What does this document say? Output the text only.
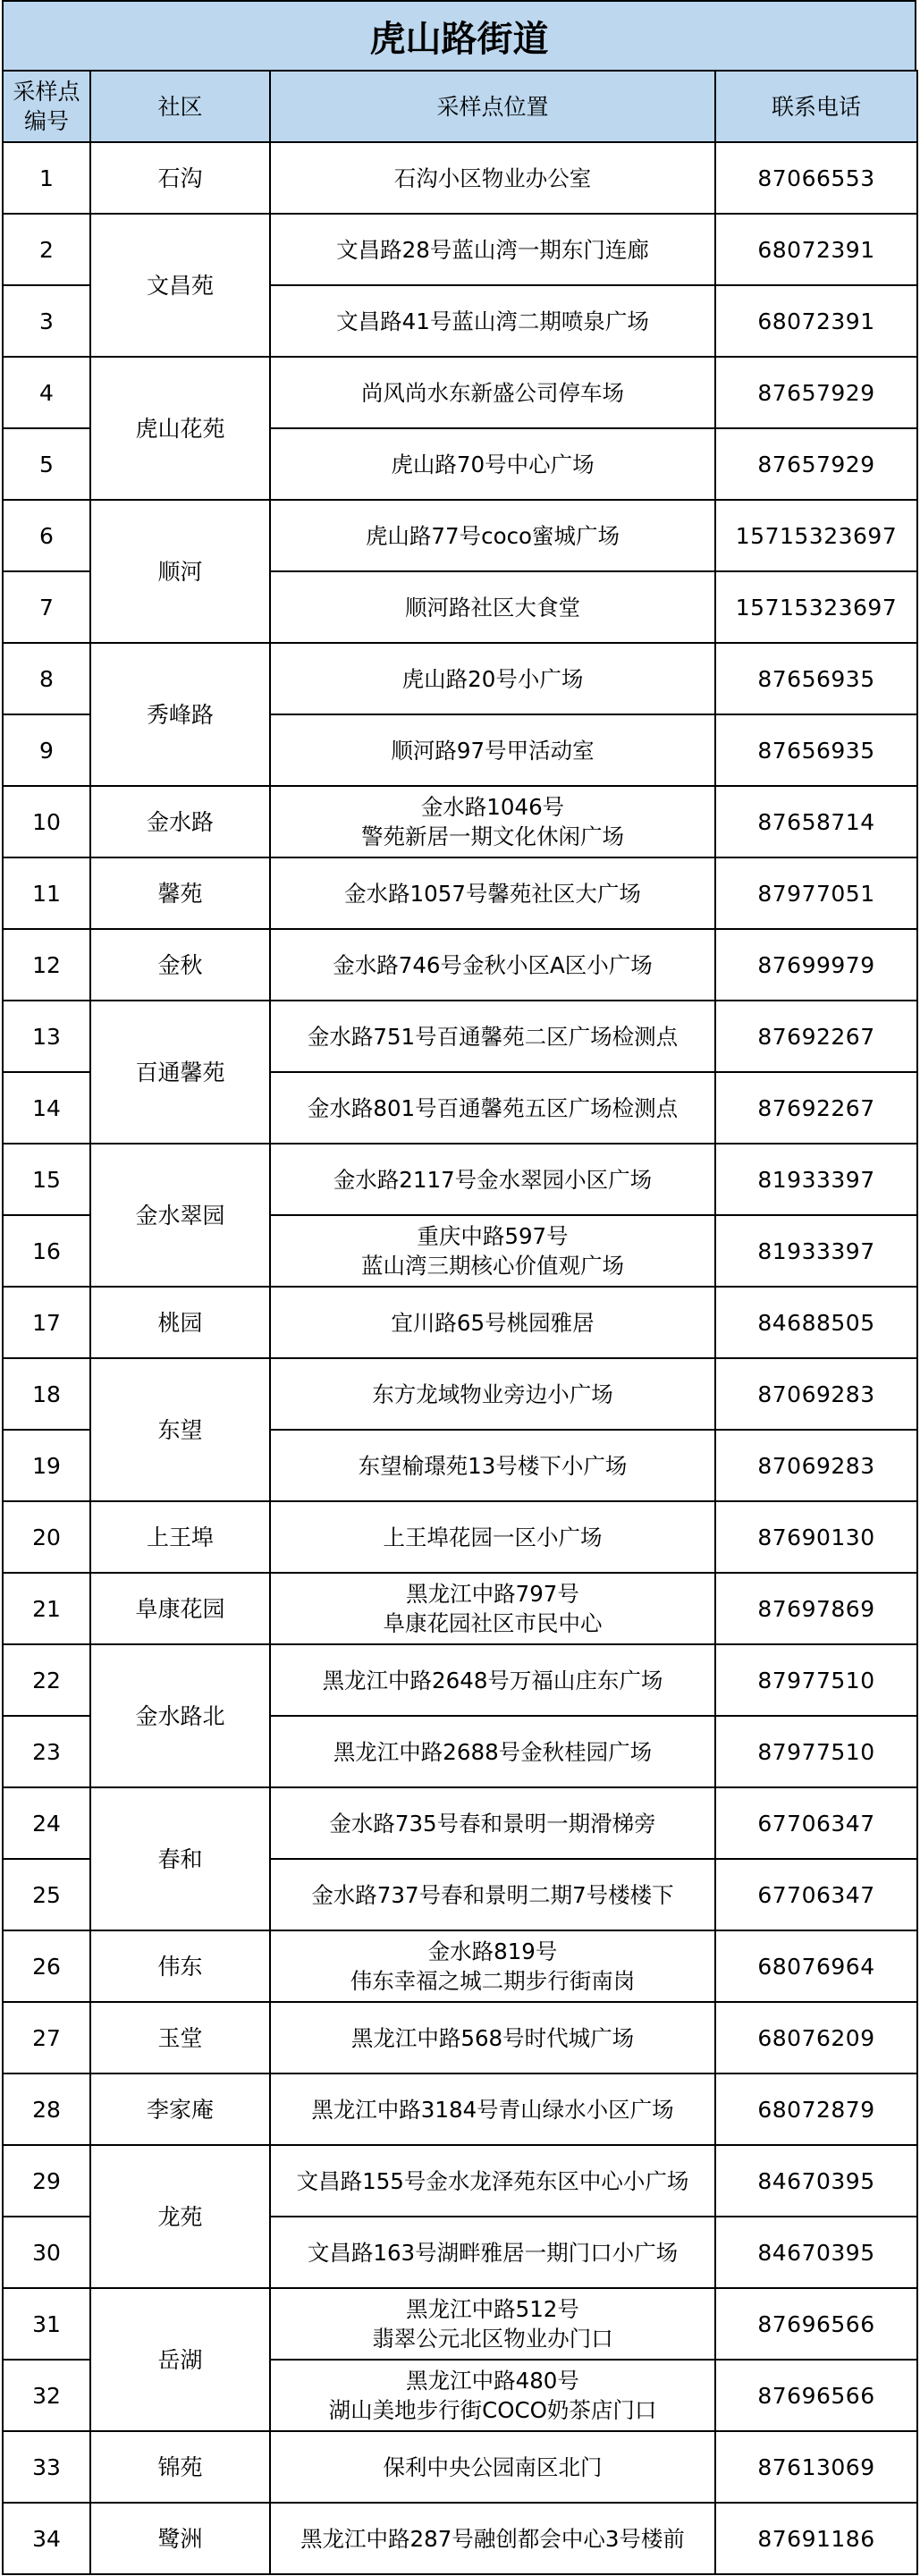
虎山路街道
采样点
编号	社区	采样点位置	联系电话
1	石沟	石沟小区物业办公室	87066553
2	文昌苑	文昌路28号蓝山湾一期东门连廊	68072391
3		文昌路41号蓝山湾二期喷泉广场	68072391
4	虎山花苑	尚风尚水东新盛公司停车场	87657929
5		虎山路70号中心广场	87657929
6	顺河	虎山路77号coco蜜城广场	15715323697
7		顺河路社区大食堂	15715323697
8	秀峰路	虎山路20号小广场	87656935
9		顺河路97号甲活动室	87656935
10	金水路	金水路1046号
警苑新居一期文化休闲广场	87658714
11	馨苑	金水路1057号馨苑社区大广场	87977051
12	金秋	金水路746号金秋小区A区小广场	87699979
13	百通馨苑	金水路751号百通馨苑二区广场检测点	87692267
14		金水路801号百通馨苑五区广场检测点	87692267
15	金水翠园	金水路2117号金水翠园小区广场	81933397
16		重庆中路597号
蓝山湾三期核心价值观广场	81933397
17	桃园	宜川路65号桃园雅居	84688505
18	东望	东方龙域物业旁边小广场	87069283
19		东望榆璟苑13号楼下小广场	87069283
20	上王埠	上王埠花园一区小广场	87690130
21	阜康花园	黑龙江中路797号
阜康花园社区市民中心	87697869
22	金水路北	黑龙江中路2648号万福山庄东广场	87977510
23		黑龙江中路2688号金秋桂园广场	87977510
24	春和	金水路735号春和景明一期滑梯旁	67706347
25		金水路737号春和景明二期7号楼楼下	67706347
26	伟东	金水路819号
伟东幸福之城二期步行街南岗	68076964
27	玉堂	黑龙江中路568号时代城广场	68076209
28	李家庵	黑龙江中路3184号青山绿水小区广场	68072879
29	龙苑	文昌路155号金水龙泽苑东区中心小广场	84670395
30		文昌路163号湖畔雅居一期门口小广场	84670395
31	岳湖	黑龙江中路512号
翡翠公元北区物业办门口	87696566
32		黑龙江中路480号
湖山美地步行街COCO奶茶店门口	87696566
33	锦苑	保利中央公园南区北门	87613069
34	鹭洲	黑龙江中路287号融创都会中心3号楼前	87691186
